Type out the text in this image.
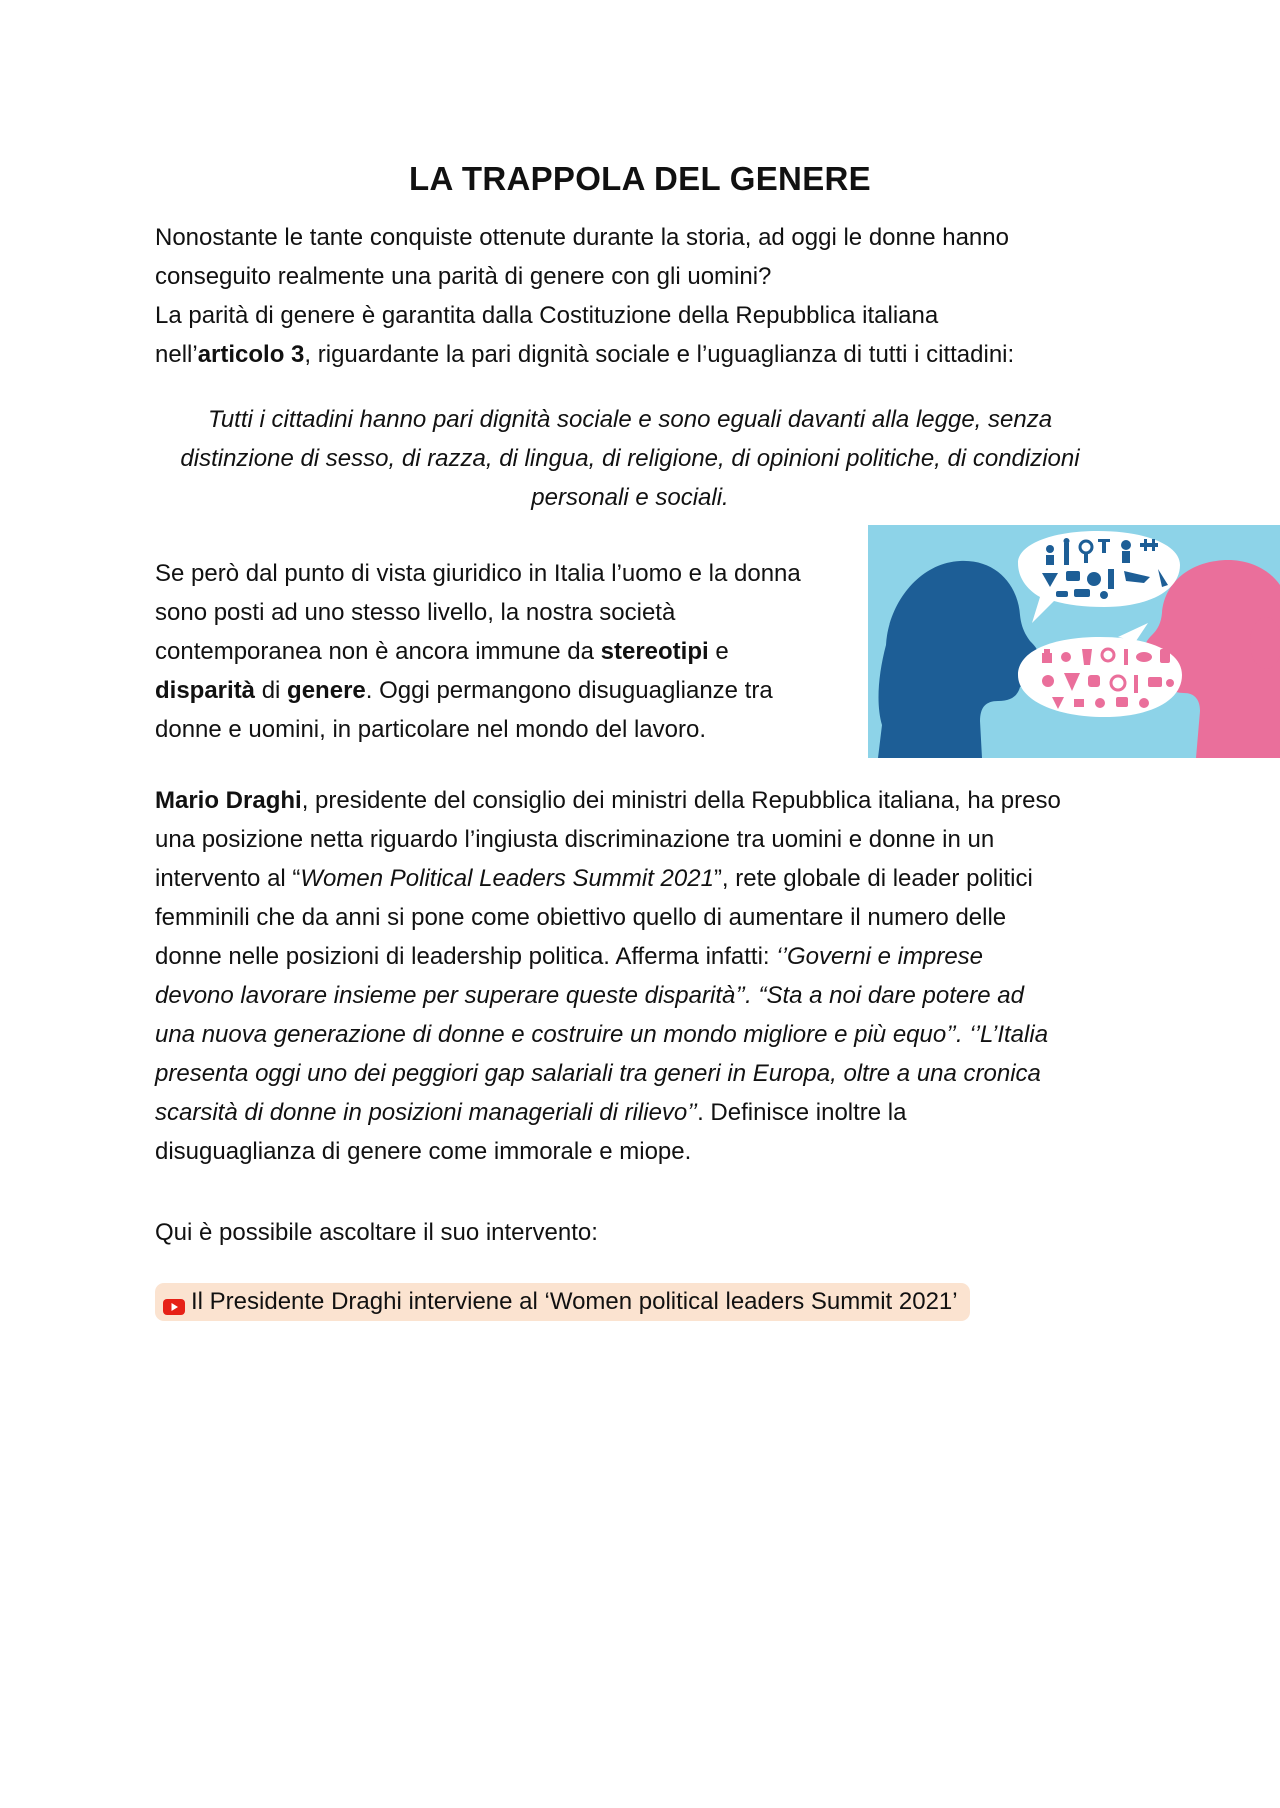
LA TRAPPOLA DEL GENERE
Nonostante le tante conquiste ottenute durante la storia, ad oggi le donne hanno
conseguito realmente una parità di genere con gli uomini?
La parità di genere è garantita dalla Costituzione della Repubblica italiana
nell’articolo 3, riguardante la pari dignità sociale e l’uguaglianza di tutti i cittadini:
Tutti i cittadini hanno pari dignità sociale e sono eguali davanti alla legge, senza
distinzione di sesso, di razza, di lingua, di religione, di opinioni politiche, di condizioni
personali e sociali.
Se però dal punto di vista giuridico in Italia l’uomo e la donna
sono posti ad uno stesso livello, la nostra società
contemporanea non è ancora immune da stereotipi e
disparità di genere. Oggi permangono disuguaglianze tra
donne e uomini, in particolare nel mondo del lavoro.
Mario Draghi, presidente del consiglio dei ministri della Repubblica italiana, ha preso
una posizione netta riguardo l’ingiusta discriminazione tra uomini e donne in un
intervento al “Women Political Leaders Summit 2021”, rete globale di leader politici
femminili che da anni si pone come obiettivo quello di aumentare il numero delle
donne nelle posizioni di leadership politica. Afferma infatti: ‘’Governi e imprese
devono lavorare insieme per superare queste disparità’’. “Sta a noi dare potere ad
una nuova generazione di donne e costruire un mondo migliore e più equo’’. ‘’L’Italia
presenta oggi uno dei peggiori gap salariali tra generi in Europa, oltre a una cronica
scarsità di donne in posizioni manageriali di rilievo’’. Definisce inoltre la
disuguaglianza di genere come immorale e miope.
Qui è possibile ascoltare il suo intervento:
Il Presidente Draghi interviene al ‘Women political leaders Summit 2021’
